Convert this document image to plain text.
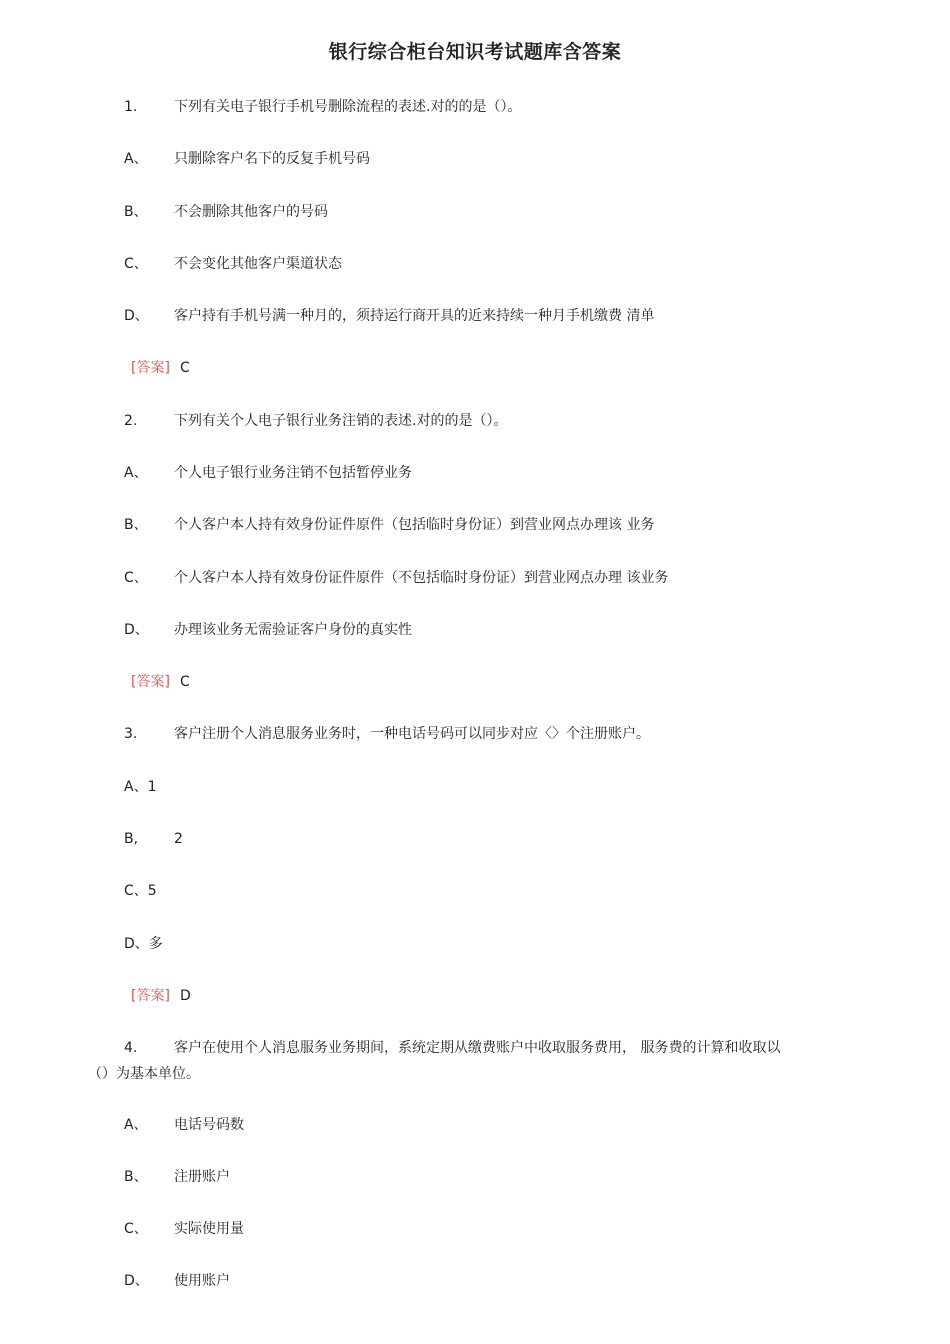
银行综合柜台知识考试题库含答案
1.	下列有关电子银行手机号删除流程的表述.对的的是（）。
A、 只删除客户名下的反复手机号码
B、 不会删除其他客户的号码
C、 不会变化其他客户渠道状态
D、 客户持有手机号满一种月的，须持运行商开具的近来持续一种月手机缴费 清单
[答案] C
2.	下列有关个人电子银行业务注销的表述.对的的是（）。
A、 个人电子银行业务注销不包括暂停业务
B、 个人客户本人持有效身份证件原件（包括临时身份证）到营业网点办理该 业务
C、 个人客户本人持有效身份证件原件（不包括临时身份证）到营业网点办理 该业务
D、 办理该业务无需验证客户身份的真实性
[答案] C
3.	客户注册个人消息服务业务时，一种电话号码可以同步对应〈〉个注册账户。
A、1
B,	2
C、5
D、多
[答案] D
4.	客户在使用个人消息服务业务期间，系统定期从缴费账户中收取服务费用， 服务费的计算和收取以
（）为基本单位。
A、 电话号码数
B、 注册账户
C、 实际使用量
D、 使用账户
